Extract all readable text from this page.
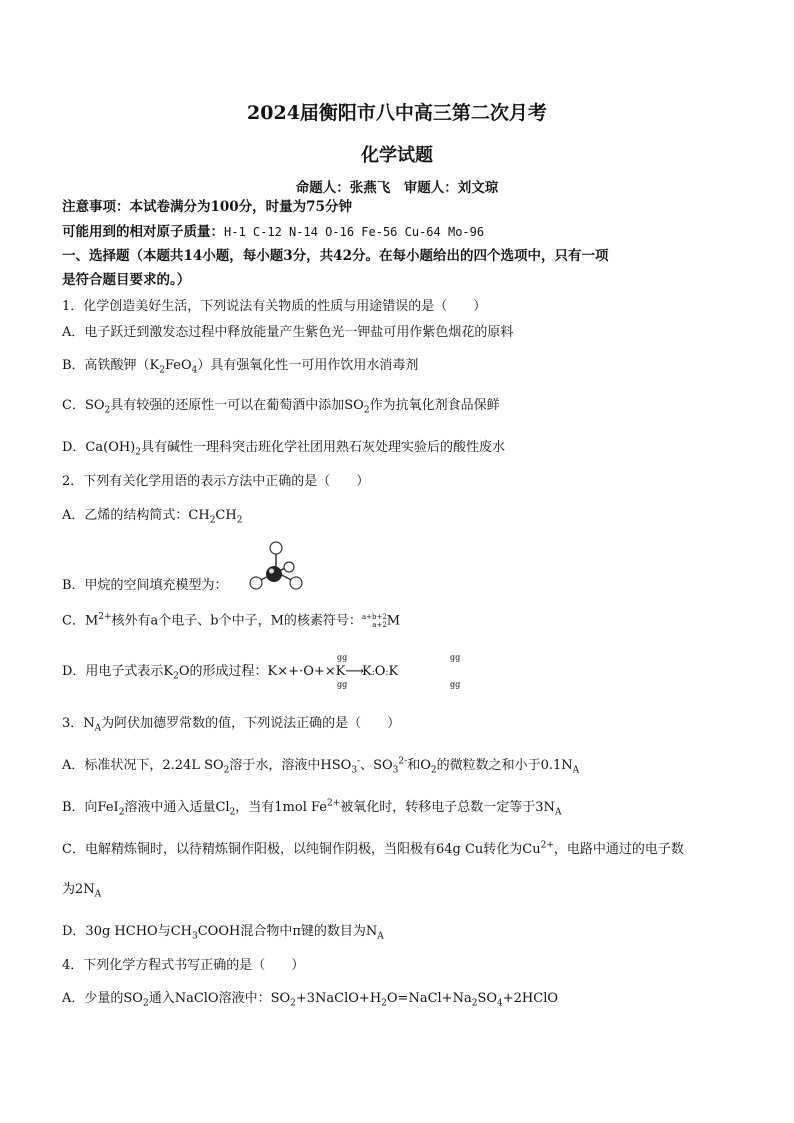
2024届衡阳市八中高三第二次月考
化学试题
命题人：张燕飞　审题人：刘文琼
注意事项：本试卷满分为100分，时量为75分钟
可能用到的相对原子质量：H-1 C-12 N-14 O-16 Fe-56 Cu-64 Mo-96
一、选择题（本题共14小题，每小题3分，共42分。在每小题给出的四个选项中，只有一项
是符合题目要求的。）
1．化学创造美好生活，下列说法有关物质的性质与用途错误的是（　　）
A．电子跃迁到激发态过程中释放能量产生紫色光一钾盐可用作紫色烟花的原料
B．高铁酸钾$(K_2FeO_4)$具有强氧化性一可用作饮用水消毒剂
C．$SO_2$具有较强的还原性一可以在葡萄酒中添加$SO_2$作为抗氧化剂食品保鲜
D．$Ca(OH)_2$具有碱性一理科突击班化学社团用熟石灰处理实验后的酸性废水
2．下列有关化学用语的表示方法中正确的是（　　）
A．乙烯的结构简式：$CH_2CH_2$
B．甲烷的空间填充模型为：
C．$M^{2+}$核外有a个电子、b个中子，M的核素符号： a+b+2
a+2 M
D．用电子式表示$K_2O$的形成过程：K×+·O+×K⟶K:O:K
gg
gg
gg
gg
3．$N_A$为阿伏加德罗常数的值，下列说法正确的是（　　）
A．标准状况下，2.24L $SO_2$溶于水，溶液中$HSO_3^-$、$SO_3^{2-}$和$O_2$的微粒数之和小于$0.1N_A$
B．向FeI$_2$溶液中通入适量$Cl_2$，当有1mol $Fe^{2+}$被氧化时，转移电子总数一定等于$3N_A$
C．电解精炼铜时，以待精炼铜作阳极，以纯铜作阴极，当阳极有64g Cu转化为$Cu^{2+}$，电路中通过的电子数
为$2N_A$
D．30g HCHO与$CH_3COOH$混合物中π键的数目为$N_A$
4．下列化学方程式书写正确的是（　　）
A．少量的$SO_2$通入NaClO溶液中：$SO_2+3NaClO+H_2O=NaCl+Na_2SO_4+2HClO$
